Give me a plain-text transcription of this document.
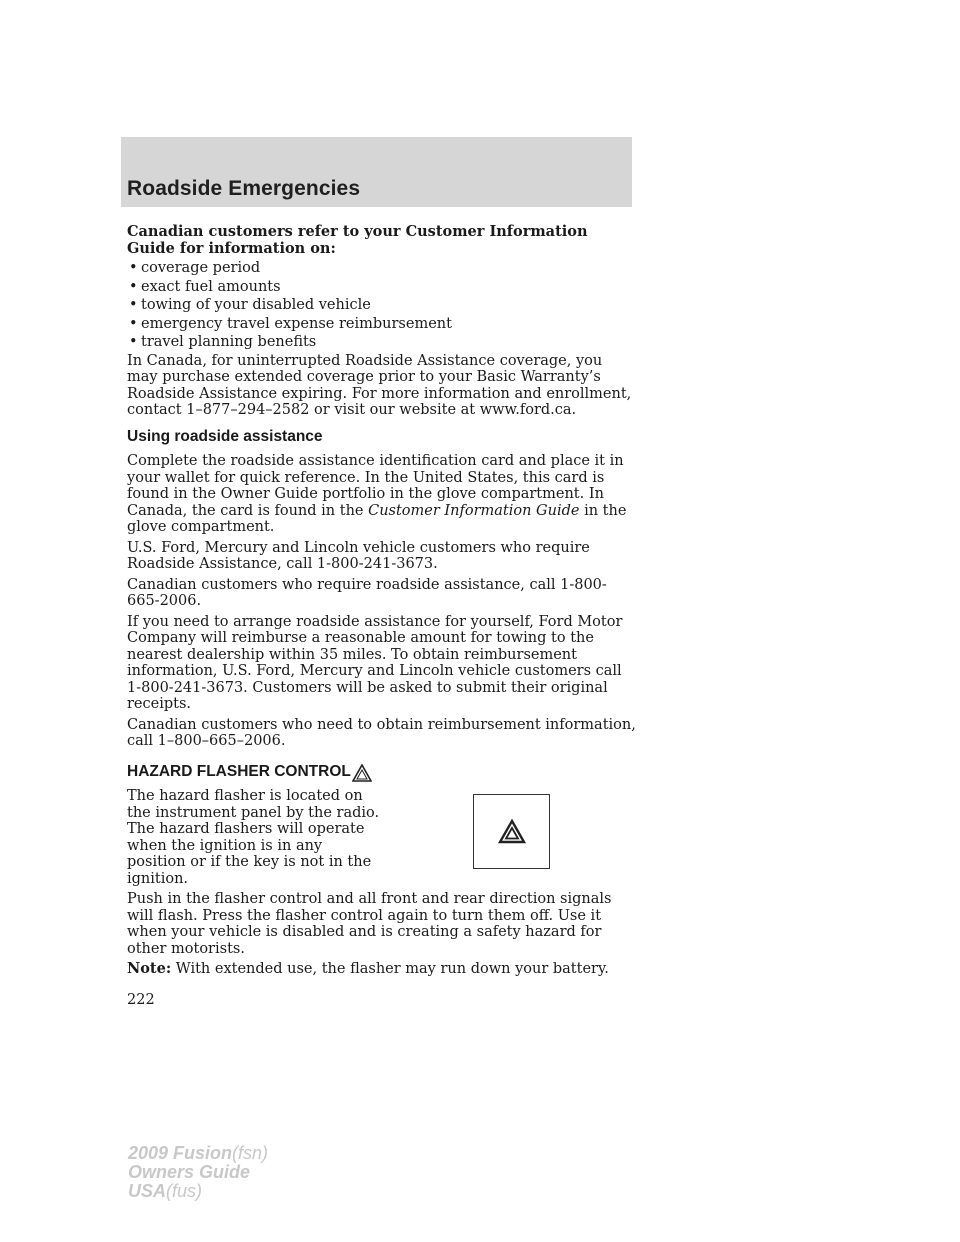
Roadside Emergencies

Canadian customers refer to your Customer Information Guide for information on:

• coverage period
• exact fuel amounts
• towing of your disabled vehicle
• emergency travel expense reimbursement
• travel planning benefits

In Canada, for uninterrupted Roadside Assistance coverage, you may purchase extended coverage prior to your Basic Warranty’s Roadside Assistance expiring. For more information and enrollment, contact 1–877–294–2582 or visit our website at www.ford.ca.

Using roadside assistance

Complete the roadside assistance identification card and place it in your wallet for quick reference. In the United States, this card is found in the Owner Guide portfolio in the glove compartment. In Canada, the card is found in the Customer Information Guide in the glove compartment.

U.S. Ford, Mercury and Lincoln vehicle customers who require Roadside Assistance, call 1-800-241-3673.

Canadian customers who require roadside assistance, call 1-800-665-2006.

If you need to arrange roadside assistance for yourself, Ford Motor Company will reimburse a reasonable amount for towing to the nearest dealership within 35 miles. To obtain reimbursement information, U.S. Ford, Mercury and Lincoln vehicle customers call 1-800-241-3673. Customers will be asked to submit their original receipts.

Canadian customers who need to obtain reimbursement information, call 1–800–665–2006.

HAZARD FLASHER CONTROL

The hazard flasher is located on the instrument panel by the radio. The hazard flashers will operate when the ignition is in any position or if the key is not in the ignition.

Push in the flasher control and all front and rear direction signals will flash. Press the flasher control again to turn them off. Use it when your vehicle is disabled and is creating a safety hazard for other motorists.

Note: With extended use, the flasher may run down your battery.

222
2009 Fusion(fsn)
Owners Guide
USA(fus)
